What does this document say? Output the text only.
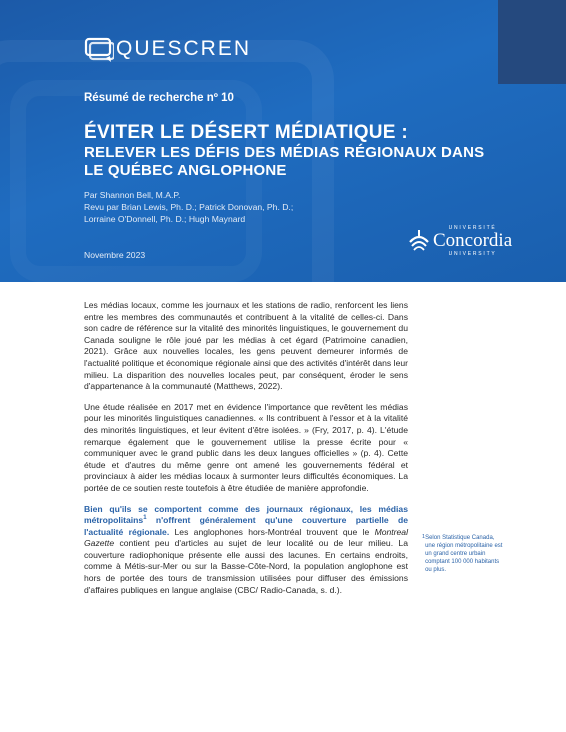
QUESCREN
Résumé de recherche nº 10
ÉVITER LE DÉSERT MÉDIATIQUE :
RELEVER LES DÉFIS DES MÉDIAS RÉGIONAUX DANS
LE QUÉBEC ANGLOPHONE
Par Shannon Bell, M.A.P.
Revu par Brian Lewis, Ph. D.; Patrick Donovan, Ph. D.;
Lorraine O'Donnell, Ph. D.; Hugh Maynard
Novembre 2023
UNIVERSITÉ
Concordia
UNIVERSITY

Les médias locaux, comme les journaux et les stations de radio, renforcent les liens entre les membres des communautés et contribuent à la vitalité de celles-ci. Dans son cadre de référence sur la vitalité des minorités linguistiques, le gouvernement du Canada souligne le rôle joué par les médias à cet égard (Patrimoine canadien, 2021). Grâce aux nouvelles locales, les gens peuvent demeurer informés de l'actualité politique et économique régionale ainsi que des activités d'intérêt dans leur milieu. La disparition des nouvelles locales peut, par conséquent, éroder le sens d'appartenance à la communauté (Matthews, 2022).

Une étude réalisée en 2017 met en évidence l'importance que revêtent les médias pour les minorités linguistiques canadiennes. « Ils contribuent à l'essor et à la vitalité des minorités linguistiques, et leur évitent d'être isolées. » (Fry, 2017, p. 4). L'étude remarque également que le gouvernement utilise la presse écrite pour « communiquer avec le grand public dans les deux langues officielles » (p. 4). Cette étude et d'autres du même genre ont amené les gouvernements fédéral et provinciaux à aider les médias locaux à surmonter leurs difficultés économiques. La portée de ce soutien reste toutefois à être étudiée de manière approfondie.

Bien qu'ils se comportent comme des journaux régionaux, les médias métropolitains$^1$ n'offrent généralement qu'une couverture partielle de l'actualité régionale. Les anglophones hors-Montréal trouvent que le Montreal Gazette contient peu d'articles au sujet de leur localité ou de leur milieu. La couverture radiophonique présente elle aussi des lacunes. En certains endroits, comme à Métis-sur-Mer ou sur la Basse-Côte-Nord, la population anglophone est hors de portée des tours de transmission utilisées pour diffuser des émissions d'affaires publiques en langue anglaise (CBC/ Radio-Canada, s. d.).

1 Selon Statistique Canada, une région métropolitaine est un grand centre urbain comptant 100 000 habitants ou plus.
